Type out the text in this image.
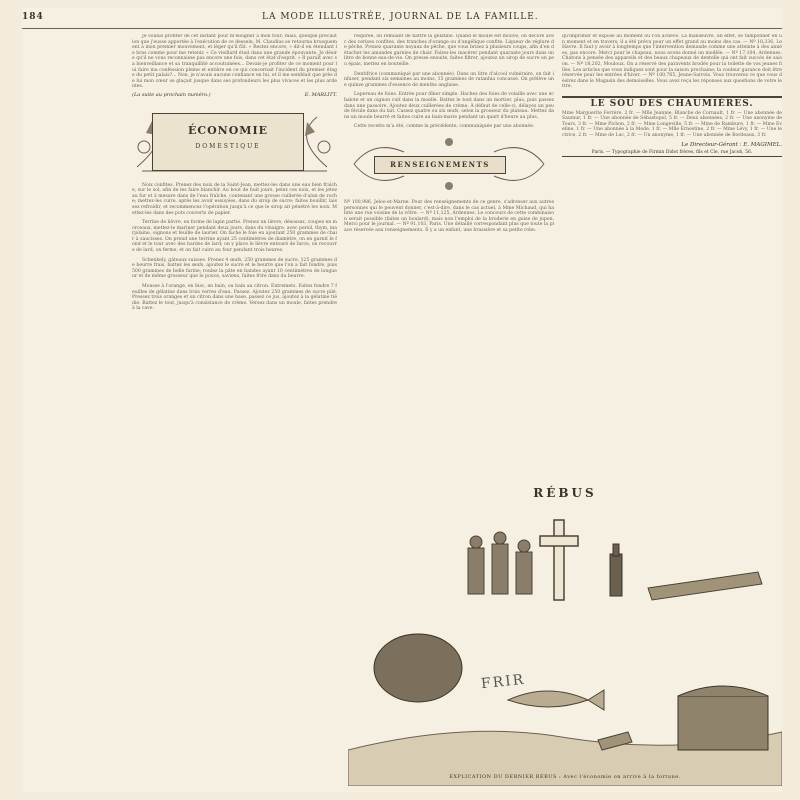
184	LA MODE ILLUSTRÉE, JOURNAL DE LA FAMILLE.
Je voulus profiter de cet instant pour m'éloigner à mon tour; mais, quelque précaution que j'eusse apportée à l'exécution de ce dessein, M. Claudius se retourna brusquement à mon premier mouvement, et léger qu'il fût. « Restez encore, » dit-il en étendant le bras comme pour me retenir. « Ce vieillard était dans une grande épouvante. Je désire qu'il ne vous reconnaisse pas encore une fois, dans cet état d'esprit. » Il paraît avec sa bienveillance et sa tranquillité accoutumées... Devais-je profiter de ce moment pour lui faire ma confession pleine et entière en ce qui concernait l'incident du premier étage du petit palais?... Non, je n'avais aucune confiance en lui, et il me semblait que près de lui mon cœur se glaçait jusque dans ses profondeurs les plus vivaces et les plus ardentes.
(La suite au prochain numéro.)	E. MARLITT.
ÉCONOMIE
DOMESTIQUE
Noix confites. Prenez des noix de la Saint-Jean, mettez-les dans une eau bien fraîche, sur le sol, afin de les faire blanchir. Au bout de huit jours, pelez ces noix, et les jetez au fur et à mesure dans de l'eau fraîche, contenant une grosse cuillerée d'alun de roche; mettez-les cuire, après les avoir essuyées, dans du sirop de sucre; faites bouillir, laissez refroidir, et recommencez l'opération jusqu'à ce que le sirop ait pénétré les noix. Mettez-les dans des pots couverts de papier.
Terrine de lièvre, en forme de lapin partie. Prenez un lièvre, désossez, coupez en morceaux, mettez-le mariner pendant deux jours, dans du vinaigre, avec persil, thym, marjolaine, oignons et feuille de laurier. On fache le foie en ajoutant 250 grammes de chair à saucisses. On prend une terrine ayant 25 centimètres de diamètre, on en garnit le fond et le tour avec des bardes de lard; on y place le lièvre entouré de farce, on recouvre de lard, on ferme, et on fait cuire au four pendant trois heures.
Schenkely, gâteaux suisses. Prenez 4 œufs, 250 grammes de sucre, 125 grammes de beurre frais, battez les œufs, ajoutez le sucre et le beurre que l'on a fait fondre, puis 500 grammes de belle farine; roulez la pâte en bandes ayant 10 centimètres de longueur et de même grosseur que le pouce, saviens, faites frire dans du beurre.
Mousse à l'orange, en bisc, en bain, ou bain au citron. Entremets. Faites fondre 7 feuilles de gélatine dans trois verres d'eau. Passez. Ajoutez 250 grammes de sucre pilé. Pressez trois oranges et un citron dans une base, passez ce jus, ajoutez à la gélatine tiédie. Battez le tout, jusqu'à consistance de crème. Versez dans un moule, faites prendre à la cave.
respirée, on remuant de battre la gélatine. Quand le moule est mouvé, on décore avec des cerises confites, des tranches d'orange ou d'angélique confite. Liqueur de réglure de pêche. Prenez quarante noyaux de pêche, que vous brisez à plusieurs coups, afin d'en détacher les amandes garnies de chair. Faites-les macérer pendant quarante jours dans un litre de bonne eau-de-vie. On presse ensuite, faites filtrer, ajoutez un sirop de sucre un peu épais, mettez en bouteille.
Dentifrice (communiqué par une abonnée). Dans un litre d'alcool vulnéraire, on fait infuser, pendant six semaines au moins, 15 grammes de ratanhia concassé. On prélève une quinze grammes d'essence de menthe anglaise.
Lapereau de foies. Entrée pour dîner simple. Hachez des foies de volaille avec une échalote et un oignon cuit dans la moelle. Battez le tout dans un mortier, plus, puis passez dans une passoire. Ajoutez deux cuillerées de crème. À défaut de celle-ci, délayez un peu de fécule dans du lait. Cassez quatre ou six œufs, selon la grosseur du plateau. Mettez dans un moule beurré et faites cuire au bain-marie pendant un quart d'heure au plus.
Cette recette m'a été, comme la précédente, communiquée par une abonnée.
RENSEIGNEMENTS
Nº 100,986, Jeloo-et-Marne. Pour des renseignements de ce genre, s'adresser aux autres personnes qui le peuvent donner, c'est-à-dire, dans le cas actuel, à Mme Michaud, qui habite une rue voisine de la vôtre. — Nº 11,125, Ardennes. Le concours de cette combinaison serait possible (faites un boulard), mais non l'emploi de la broderie en guise de jupon. Merci pour le journal. — Nº 91,103, Paris. Une détaillé correspondant plus que toute la place réservée aux renseignements. Il y a un enfant, une brassière et sa petite robe.
qu'imprimer et exposé au moment où l'on achève. La manœuvre, un effet, se tamponner en un moment et en travers; il a été prévu pour un effet grand au moins des cas. — Nº 18,336, Le Havre. Il faut y avoir à longtemps que l'intervention demande comme une atteinte à des années, pas encore. Merci pour le chapeau, nous avons donné un modèle. — Nº 17,104, Ardennes. Chatons à pensée des appareils et des beaux chapeaux de dentelle qui ont fait succès de saison. — Nº 18,202, Mouloux. On a réservé des paravents brodés pour la toilette de vos jeunes filles. Les articles que vous indiquez sont pour la saison prochaine; la couleur garance doit être réservée pour les entrées d'hiver. — Nº 100,765, Jeune-Sarrois. Vous trouverez ce que vous désirez dans le Magasin des demoiselles. Vous avez reçu les réponses aux questions de votre lettre.
LE SOU DES CHAUMIÈRES.
Mme Marguerite Ferrère, 2 fr. — Mlle Jeannie, Blanche de Cornault, 1 fr. — Une abonnée de Saumur, 1 fr. — Une abonnée de Sébastopol, 5 fr. — Deux abonnées, 2 fr. — Une anonyme de Tours, 3 fr. — Mme Pichon, 2 fr. — Mme Longeville, 5 fr. — Mme de Rambure, 1 fr. — Mme Eveline, 1 fr. — Une abonnée à la Mode, 1 fr. — Mlle Ernestine, 2 fr. — Mme Lévy, 1 fr. — Une lectrice, 2 fr. — Mme de Luc, 2 fr. — Un anonyme, 1 fr. — Une abonnée de Bordeaux, 3 fr.
Le Directeur-Gérant : E. MAGIMEL.
Paris. — Typographie de Firmin Didot frères, fils et Cie, rue Jacob, 56.
RÉBUS
FRIR
EXPLICATION DU DERNIER RÉBUS : Avec l'économie on arrive à la fortune.
